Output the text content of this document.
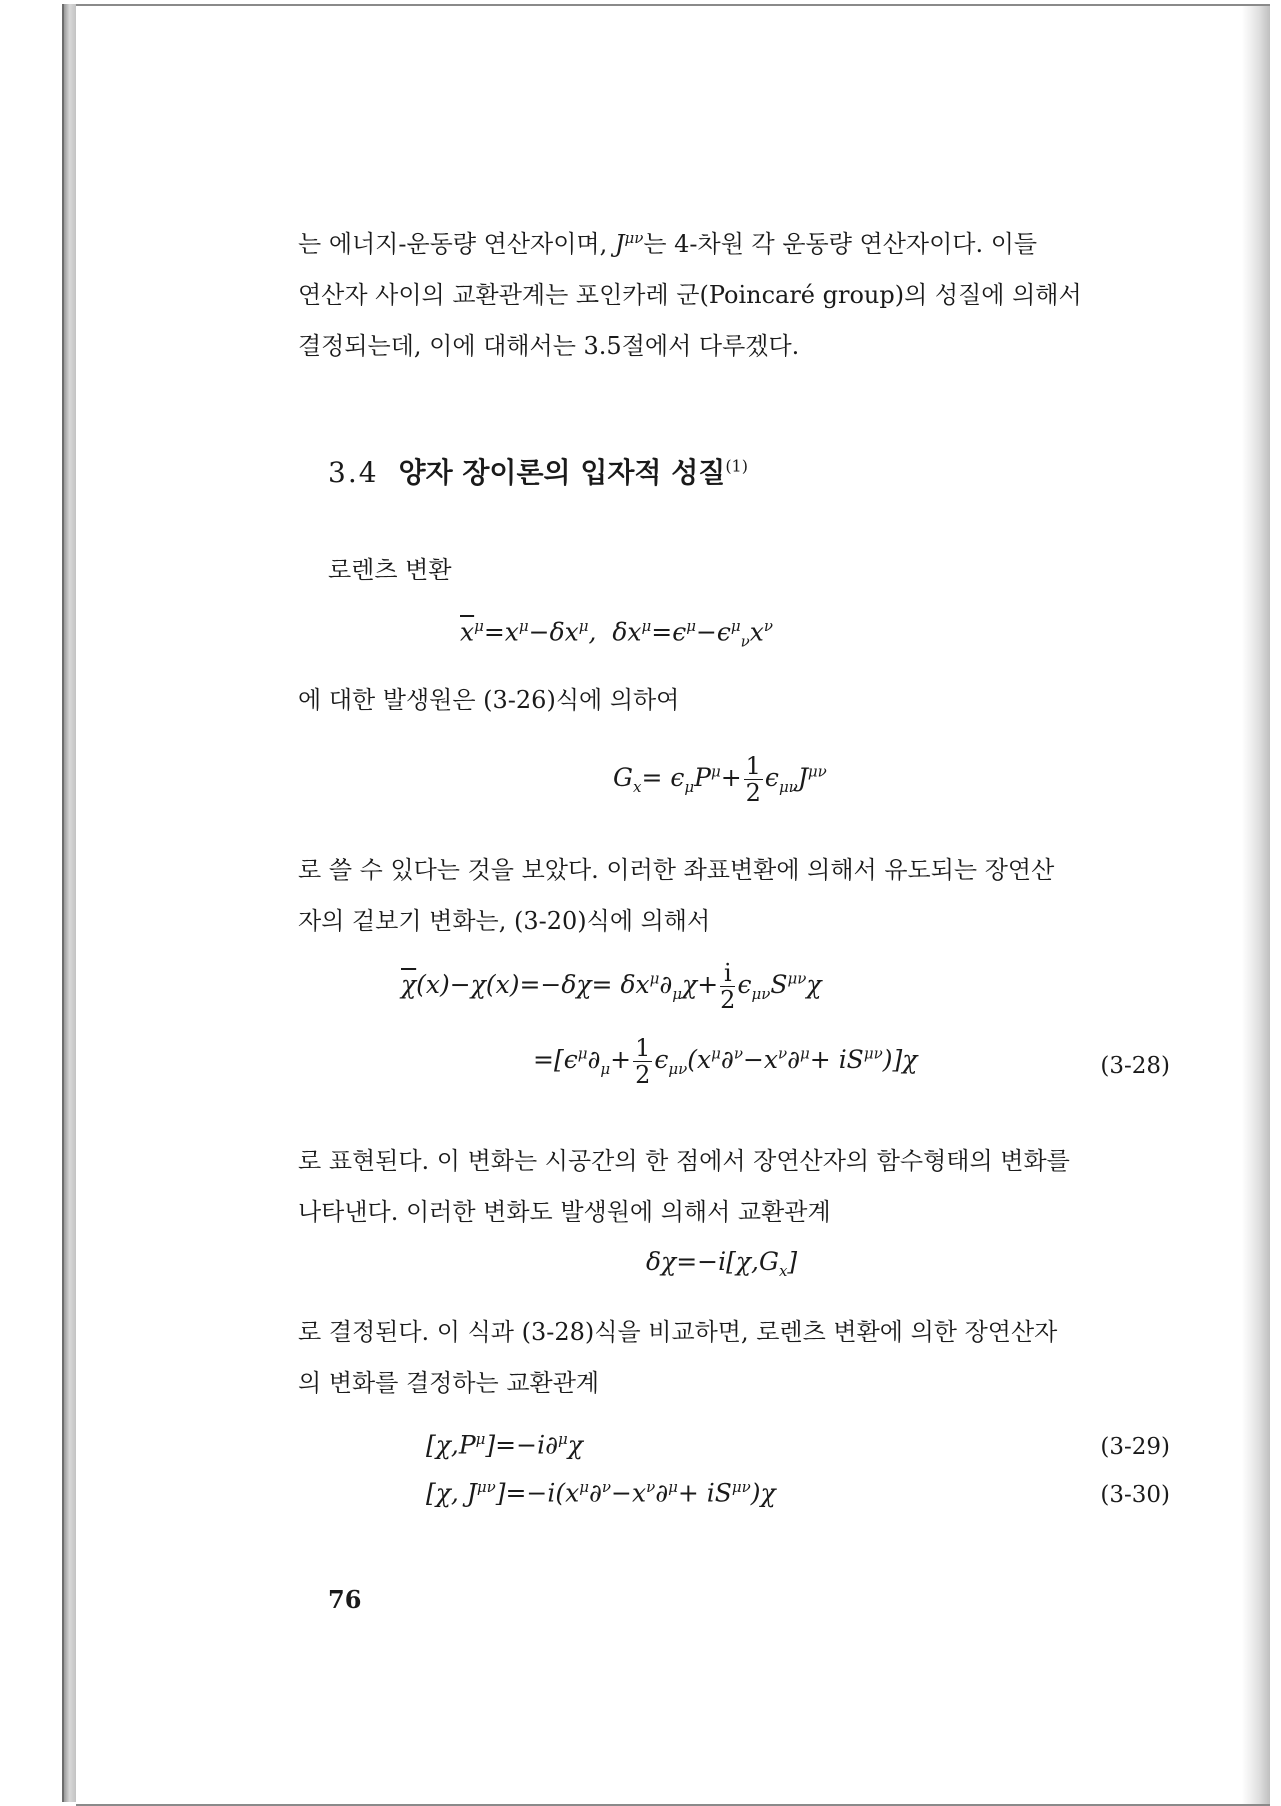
는 에너지-운동량 연산자이며, $J^{\mu\nu}$는 4-차원 각 운동량 연산자이다. 이들
연산자 사이의 교환관계는 포인카레 군(Poincaré group)의 성질에 의해서
결정되는데, 이에 대해서는 3.5절에서 다루겠다.
3.4 양자 장이론의 입자적 성질$^{(1)}$
로렌츠 변환
$\overline{x}^\mu=x^\mu-\delta x^\mu$,  $\delta x^\mu=\epsilon^\mu-\epsilon^\mu_\nu x^\nu$
에 대한 발생원은 (3-26)식에 의하여
$G_x= \epsilon_\mu P^\mu+ \frac{1}{2} \epsilon_{\mu\nu}J^{\mu\nu}$
로 쓸 수 있다는 것을 보았다. 이러한 좌표변환에 의해서 유도되는 장연산
자의 겉보기 변화는, (3-20)식에 의해서
$\overline{\chi}(x)-\chi(x)=-\delta\chi= \delta x^\mu\partial_\mu\chi+ \frac{i}{2} \epsilon_{\mu\nu}S^{\mu\nu}\chi$
$=[\epsilon^\mu\partial_\mu+ \frac{1}{2} \epsilon_{\mu\nu}(x^\mu\partial^\nu-x^\nu\partial^\mu+ iS^{\mu\nu})]\chi$	(3-28)
로 표현된다. 이 변화는 시공간의 한 점에서 장연산자의 함수형태의 변화를
나타낸다. 이러한 변화도 발생원에 의해서 교환관계
$\delta\chi=-i[\chi,G_x]$
로 결정된다. 이 식과 (3-28)식을 비교하면, 로렌츠 변환에 의한 장연산자
의 변화를 결정하는 교환관계
$[\chi,P^\mu]=-i\partial^\mu\chi$	(3-29)
[χ, $J^{\mu\nu}]=-i(x^\mu\partial^\nu-x^\nu\partial^\mu+ iS^{\mu\nu})\chi$	(3-30)
76
